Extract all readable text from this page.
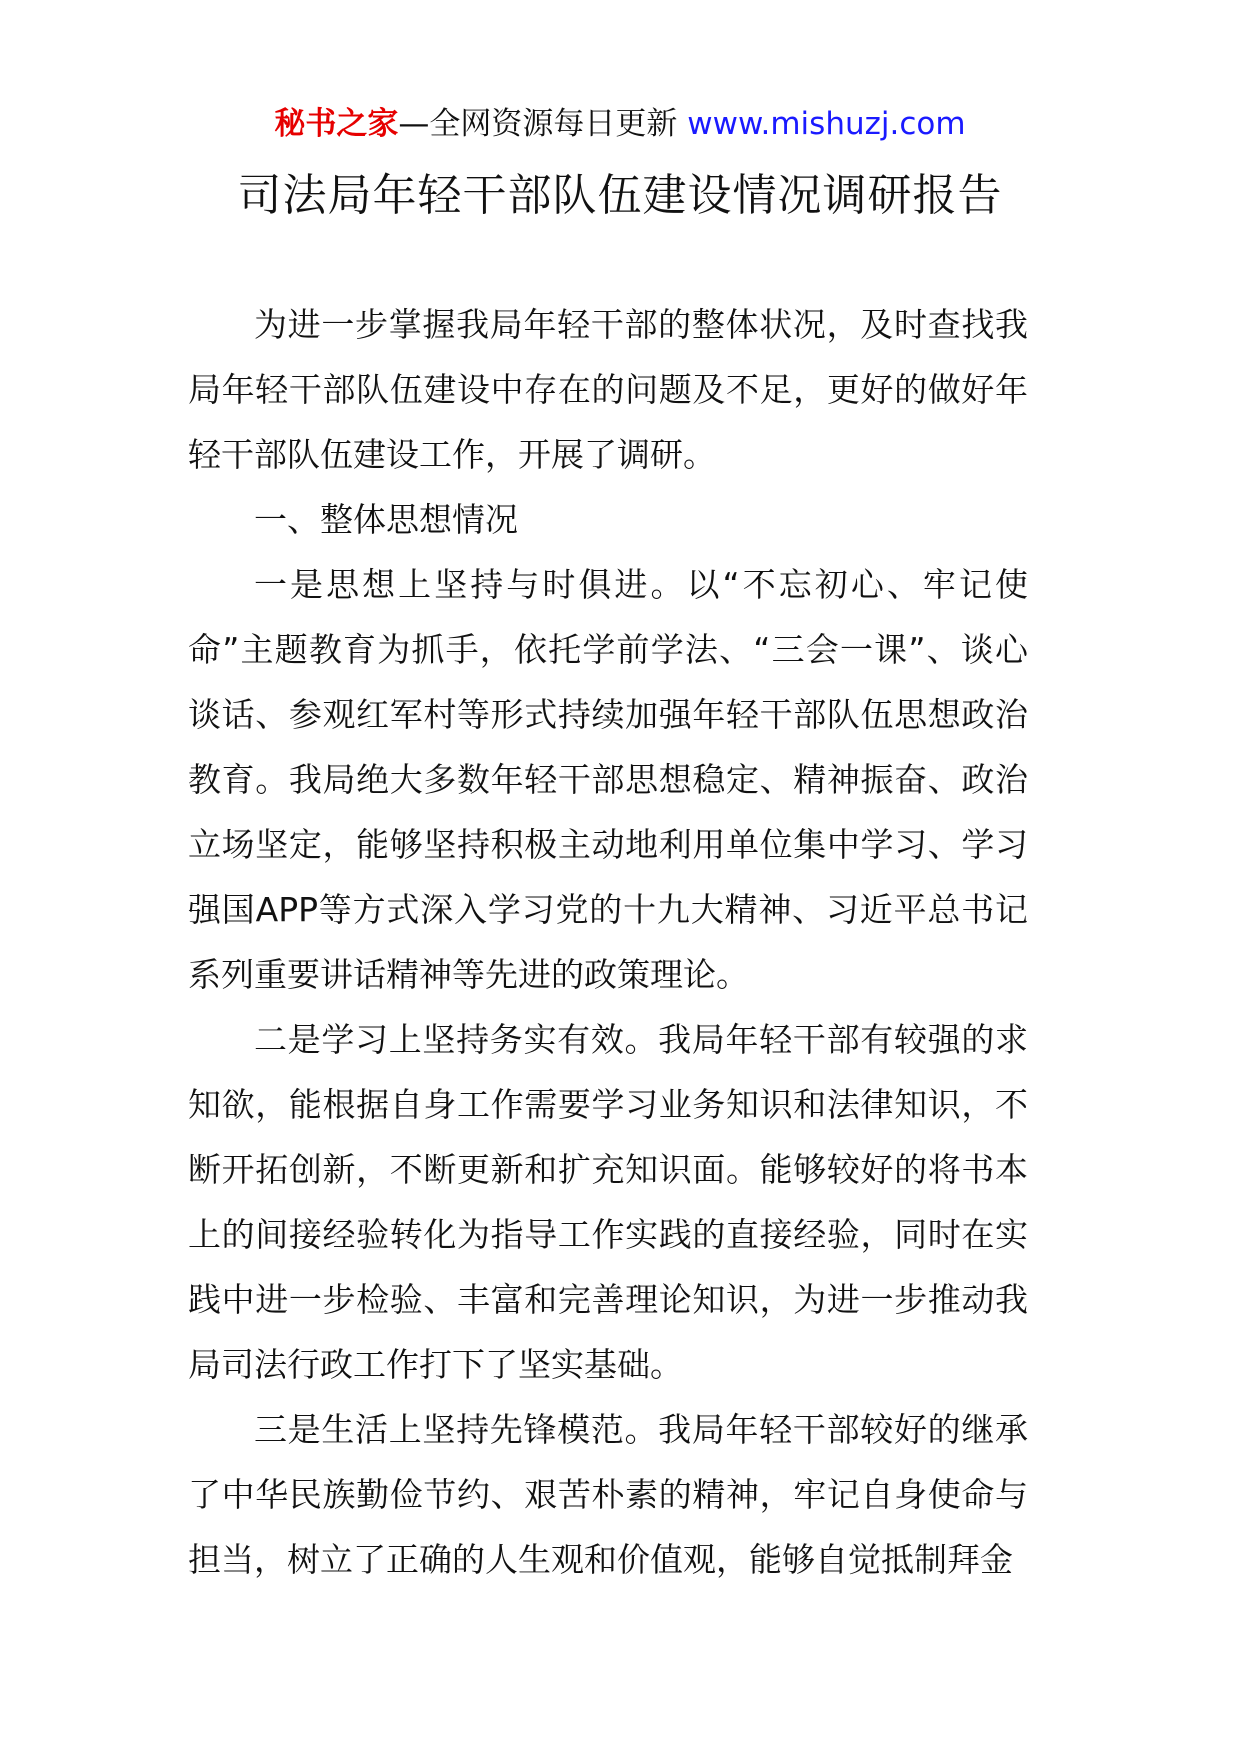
秘书之家—全网资源每日更新 www.mishuzj.com
司法局年轻干部队伍建设情况调研报告

为进一步掌握我局年轻干部的整体状况，及时查找我局年轻干部队伍建设中存在的问题及不足，更好的做好年轻干部队伍建设工作，开展了调研。

一、整体思想情况

一是思想上坚持与时俱进。以“不忘初心、牢记使命”主题教育为抓手，依托学前学法、“三会一课”、谈心谈话、参观红军村等形式持续加强年轻干部队伍思想政治教育。我局绝大多数年轻干部思想稳定、精神振奋、政治立场坚定，能够坚持积极主动地利用单位集中学习、学习强国APP等方式深入学习党的十九大精神、习近平总书记系列重要讲话精神等先进的政策理论。

二是学习上坚持务实有效。我局年轻干部有较强的求知欲，能根据自身工作需要学习业务知识和法律知识，不断开拓创新，不断更新和扩充知识面。能够较好的将书本上的间接经验转化为指导工作实践的直接经验，同时在实践中进一步检验、丰富和完善理论知识，为进一步推动我局司法行政工作打下了坚实基础。

三是生活上坚持先锋模范。我局年轻干部较好的继承了中华民族勤俭节约、艰苦朴素的精神，牢记自身使命与担当，树立了正确的人生观和价值观，能够自觉抵制拜金
